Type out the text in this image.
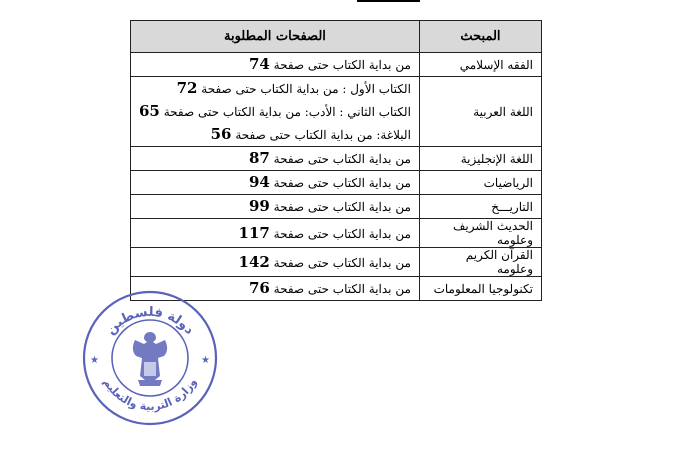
المبحث	الصفحات المطلوبة
الفقه الإسلامي	من بداية الكتاب حتى صفحة 74

اللغة العربية	الكتاب الأول : من بداية الكتاب حتى صفحة 72
الكتاب الثاني : الأدب: من بداية الكتاب حتى صفحة 65
البلاغة: من بداية الكتاب حتى صفحة 56

اللغة الإنجليزية	من بداية الكتاب حتى صفحة 87

الرياضيات	من بداية الكتاب حتى صفحة 94

التاريـــخ	من بداية الكتاب حتى صفحة 99

الحديث الشريف وعلومه	من بداية الكتاب حتى صفحة 117

القرآن الكريم وعلومه	من بداية الكتاب حتى صفحة 142

تكنولوجيا المعلومات	من بداية الكتاب حتى صفحة 76
دولة فلسطين
وزارة التربية والتعليم
★	★
